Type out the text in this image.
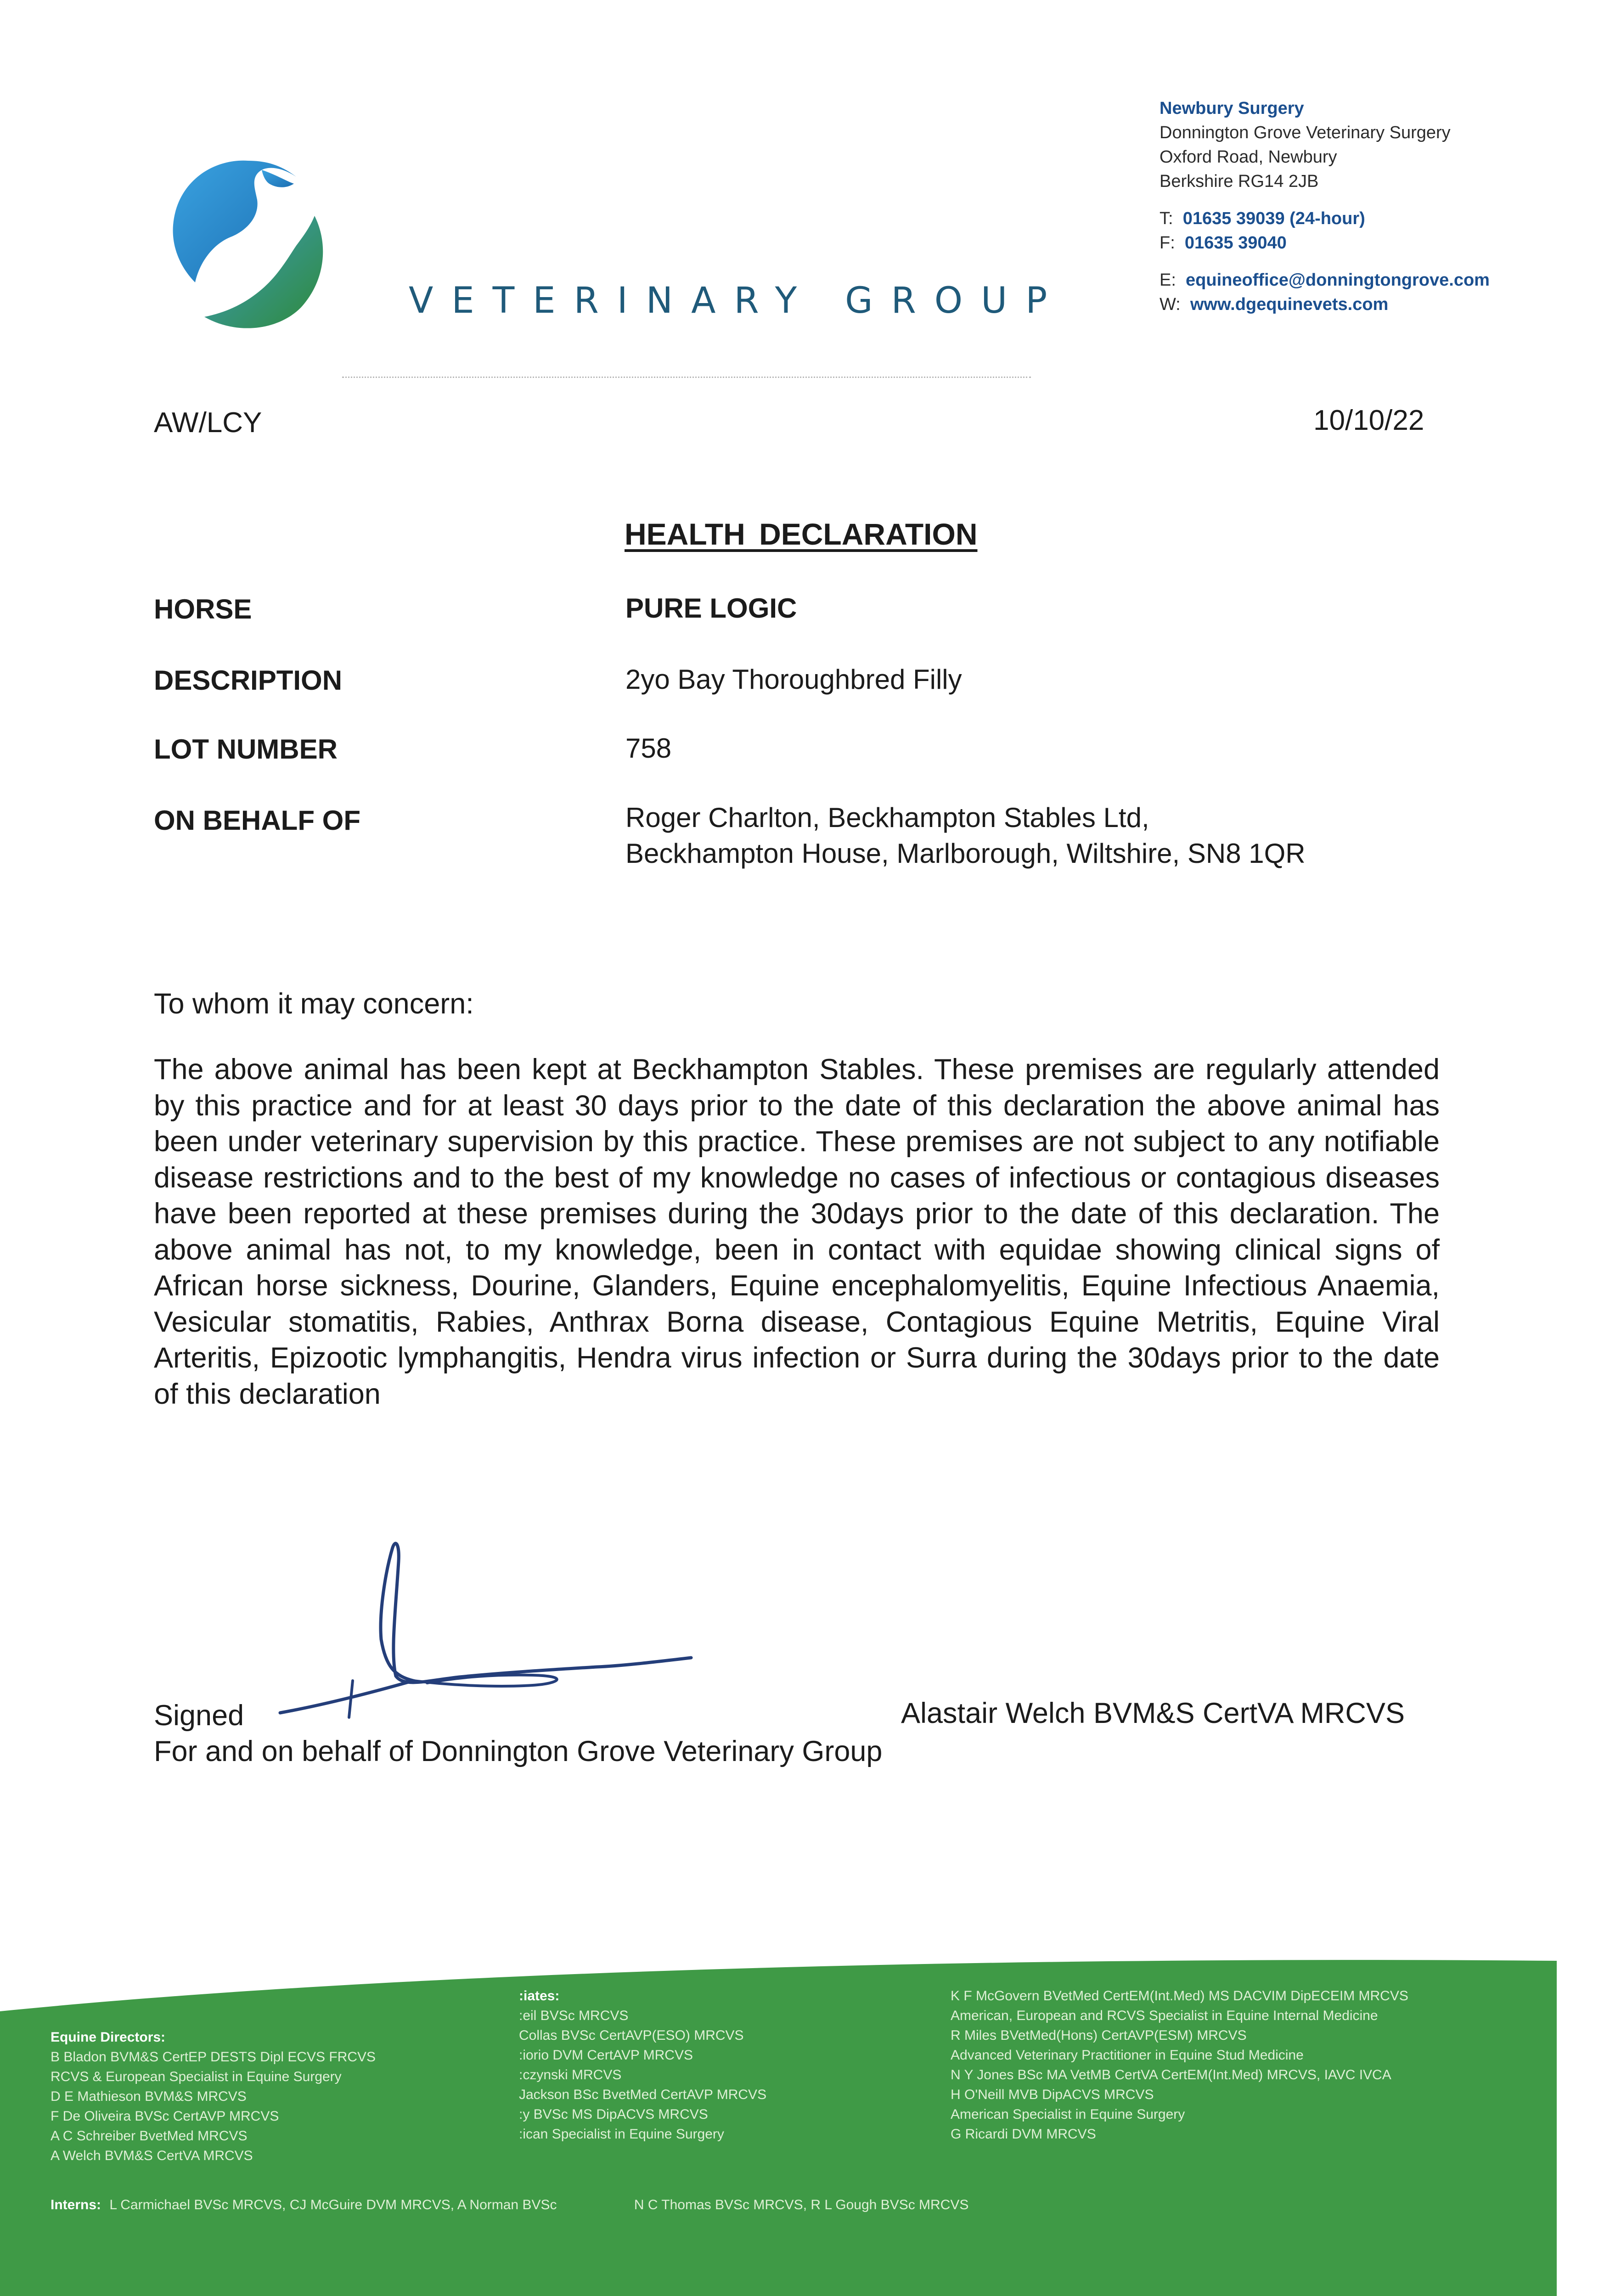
VETERINARY GROUP
Newbury Surgery
Donnington Grove Veterinary Surgery
Oxford Road, Newbury
Berkshire RG14 2JB
T: 01635 39039 (24-hour)
F: 01635 39040
E: equineoffice@donningtongrove.com
W: www.dgequinevets.com
AW/LCY	10/10/22
HEALTH DECLARATION
HORSE	PURE LOGIC
DESCRIPTION	2yo Bay Thoroughbred Filly
LOT NUMBER	758
ON BEHALF OF	Roger Charlton, Beckhampton Stables Ltd,
Beckhampton House, Marlborough, Wiltshire, SN8 1QR
To whom it may concern:
The above animal has been kept at Beckhampton Stables. These premises are regularly attended by this practice and for at least 30 days prior to the date of this declaration the above animal has been under veterinary supervision by this practice. These premises are not subject to any notifiable disease restrictions and to the best of my knowledge no cases of infectious or contagious diseases have been reported at these premises during the 30days prior to the date of this declaration. The above animal has not, to my knowledge, been in contact with equidae showing clinical signs of African horse sickness, Dourine, Glanders, Equine encephalomyelitis, Equine Infectious Anaemia, Vesicular stomatitis, Rabies, Anthrax Borna disease, Contagious Equine Metritis, Equine Viral Arteritis, Epizootic lymphangitis, Hendra virus infection or Surra during the 30days prior to the date of this declaration
Signed	Alastair Welch BVM&S CertVA MRCVS
For and on behalf of Donnington Grove Veterinary Group
Equine Directors:
B Bladon BVM&S CertEP DESTS Dipl ECVS FRCVS
RCVS & European Specialist in Equine Surgery
D E Mathieson BVM&S MRCVS
F De Oliveira BVSc CertAVP MRCVS
A C Schreiber BvetMed MRCVS
A Welch BVM&S CertVA MRCVS
:iates:
:eil BVSc MRCVS
Collas BVSc CertAVP(ESO) MRCVS
:iorio DVM CertAVP MRCVS
:czynski MRCVS
Jackson BSc BvetMed CertAVP MRCVS
:y BVSc MS DipACVS MRCVS
:ican Specialist in Equine Surgery
K F McGovern BVetMed CertEM(Int.Med) MS DACVIM DipECEIM MRCVS
American, European and RCVS Specialist in Equine Internal Medicine
R Miles BVetMed(Hons) CertAVP(ESM) MRCVS
Advanced Veterinary Practitioner in Equine Stud Medicine
N Y Jones BSc MA VetMB CertVA CertEM(Int.Med) MRCVS, IAVC IVCA
H O'Neill MVB DipACVS MRCVS
American Specialist in Equine Surgery
G Ricardi DVM MRCVS
Interns: L Carmichael BVSc MRCVS, CJ McGuire DVM MRCVS, A Norman BVSc	N C Thomas BVSc MRCVS, R L Gough BVSc MRCVS
